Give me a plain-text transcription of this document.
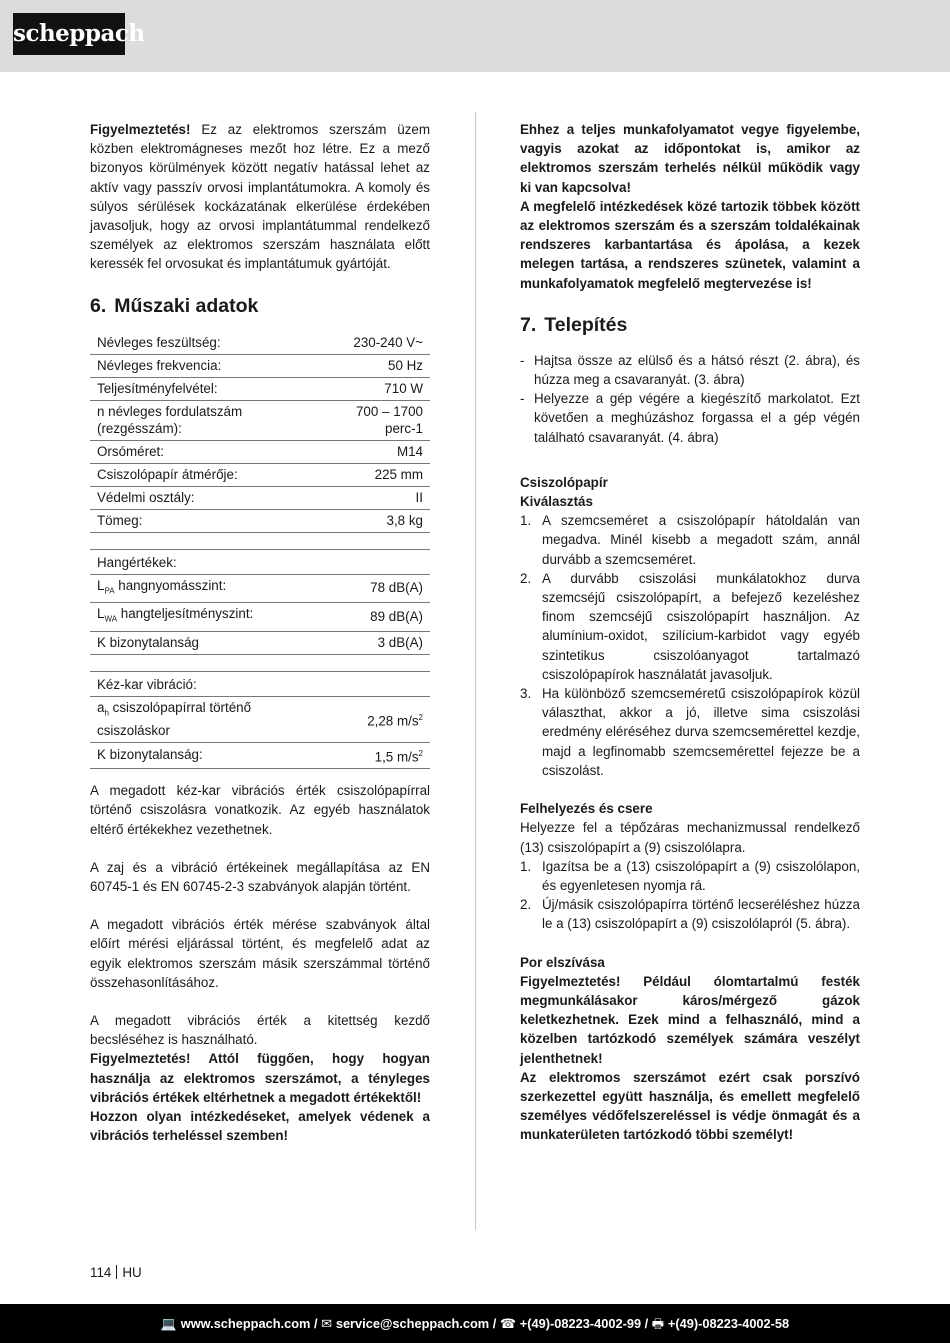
scheppach

Figyelmeztetés! Ez az elektromos szerszám üzem közben elektromágneses mezőt hoz létre. Ez a mező bizonyos körülmények között negatív hatással lehet az aktív vagy passzív orvosi implantátumokra. A komoly és súlyos sérülések kockázatának elkerülése érdekében javasoljuk, hogy az orvosi implantátummal rendelkező személyek az elektromos szerszám használata előtt keressék fel orvosukat és implantátumuk gyártóját.

6. Műszaki adatok
Névleges feszültség:	230-240 V~
Névleges frekvencia:	50 Hz
Teljesítményfelvétel:	710 W
n névleges fordulatszám (rezgésszám):	700 – 1700 perc-1
Orsóméret:	M14
Csiszolópapír átmérője:	225 mm
Védelmi osztály:	II
Tömeg:	3,8 kg

Hangértékek:	
$L_{PA}$ hangnyomásszint:	78 dB(A)
$L_{WA}$ hangteljesítményszint:	89 dB(A)
K bizonytalanság	3 dB(A)

Kéz-kar vibráció:	
$a_h$ csiszolópapírral történő csiszoláskor	2,28 $m/s^2$
K bizonytalanság:	1,5 $m/s^2$

A megadott kéz-kar vibrációs érték csiszolópapírral történő csiszolásra vonatkozik. Az egyéb használatok eltérő értékekhez vezethetnek.

A zaj és a vibráció értékeinek megállapítása az EN 60745-1 és EN 60745-2-3 szabványok alapján történt.

A megadott vibrációs érték mérése szabványok által előírt mérési eljárással történt, és megfelelő adat az egyik elektromos szerszám másik szerszámmal történő összehasonlításához.

A megadott vibrációs érték a kitettség kezdő becsléséhez is használható.

Figyelmeztetés! Attól függően, hogy hogyan használja az elektromos szerszámot, a tényleges vibrációs értékek eltérhetnek a megadott értékektől!

Hozzon olyan intézkedéseket, amelyek védenek a vibrációs terheléssel szemben!

Ehhez a teljes munkafolyamatot vegye figyelembe, vagyis azokat az időpontokat is, amikor az elektromos szerszám terhelés nélkül működik vagy ki van kapcsolva!

A megfelelő intézkedések közé tartozik többek között az elektromos szerszám és a szerszám toldalékainak rendszeres karbantartása és ápolása, a kezek melegen tartása, a rendszeres szünetek, valamint a munkafolyamatok megfelelő megtervezése is!

7. Telepítés
- Hajtsa össze az elülső és a hátsó részt (2. ábra), és húzza meg a csavaranyát. (3. ábra)
- Helyezze a gép végére a kiegészítő markolatot. Ezt követően a meghúzáshoz forgassa el a gép végén található csavaranyát. (4. ábra)

Csiszolópapír

Kiválasztás

1. A szemcseméret a csiszolópapír hátoldalán van megadva. Minél kisebb a megadott szám, annál durvább a szemcseméret.
2. A durvább csiszolási munkálatokhoz durva szemcséjű csiszolópapírt, a befejező kezeléshez finom szemcséjű csiszolópapírt használjon. Az alumínium-oxidot, szilícium-karbidot vagy egyéb szintetikus csiszolóanyagot tartalmazó csiszolópapírok használatát javasoljuk.
3. Ha különböző szemcseméretű csiszolópapírok közül választhat, akkor a jó, illetve sima csiszolási eredmény eléréséhez durva szemcsemérettel kezdje, majd a legfinomabb szemcsemérettel fejezze be a csiszolást.

Felhelyezés és csere

Helyezze fel a tépőzáras mechanizmussal rendelkező (13) csiszolópapírt a (9) csiszolólapra.

1. Igazítsa be a (13) csiszolópapírt a (9) csiszolólapon, és egyenletesen nyomja rá.
2. Új/másik csiszolópapírra történő lecseréléshez húzza le a (13) csiszolópapírt a (9) csiszolólapról (5. ábra).

Por elszívása

Figyelmeztetés! Például ólomtartalmú festék megmunkálásakor káros/mérgező gázok keletkezhetnek. Ezek mind a felhasználó, mind a közelben tartózkodó személyek számára veszélyt jelenthetnek!

Az elektromos szerszámot ezért csak porszívó szerkezettel együtt használja, és emellett megfelelő személyes védőfelszereléssel is védje önmagát és a munkaterületen tartózkodó többi személyt!

114 HU
💻 www.scheppach.com / ✉ service@scheppach.com / ☎ +(49)-08223-4002-99 / 🖶 +(49)-08223-4002-58
